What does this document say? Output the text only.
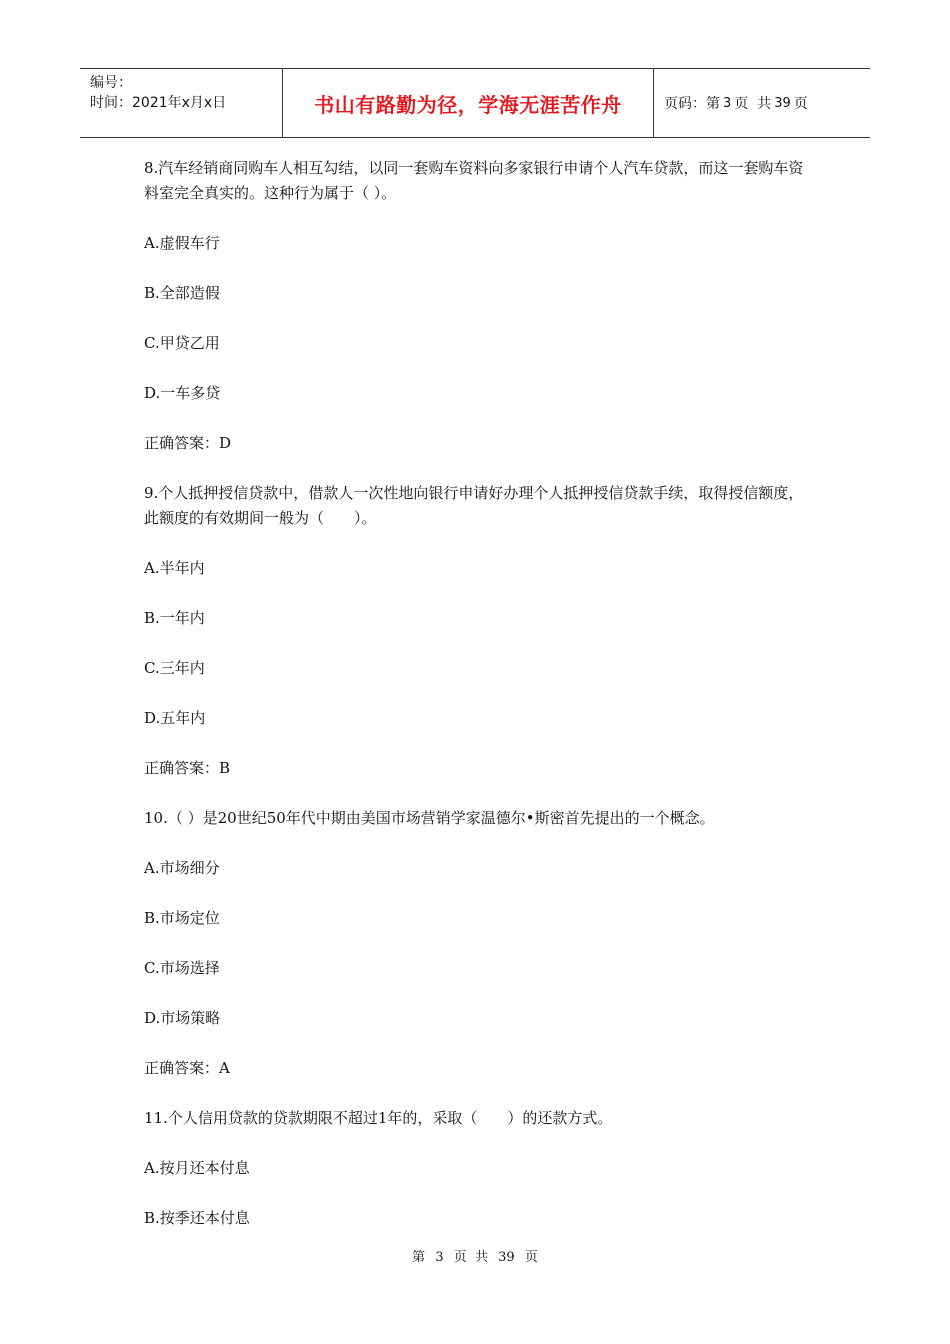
编号：
时间：2021年x月x日	书山有路勤为径，学海无涯苦作舟	页码：第 3 页  共 39 页
8.汽车经销商同购车人相互勾结，以同一套购车资料向多家银行申请个人汽车贷款，而这一套购车资料室完全真实的。这种行为属于（ ）。
A.虚假车行
B.全部造假
C.甲贷乙用
D.一车多贷
正确答案：D
9.个人抵押授信贷款中，借款人一次性地向银行申请好办理个人抵押授信贷款手续，取得授信额度，此额度的有效期间一般为（　　）。
A.半年内
B.一年内
C.三年内
D.五年内
正确答案：B
10.（ ）是20世纪50年代中期由美国市场营销学家温德尔•斯密首先提出的一个概念。
A.市场细分
B.市场定位
C.市场选择
D.市场策略
正确答案：A
11.个人信用贷款的贷款期限不超过1年的，采取（　　）的还款方式。
A.按月还本付息
B.按季还本付息
第 3 页  共 39 页
